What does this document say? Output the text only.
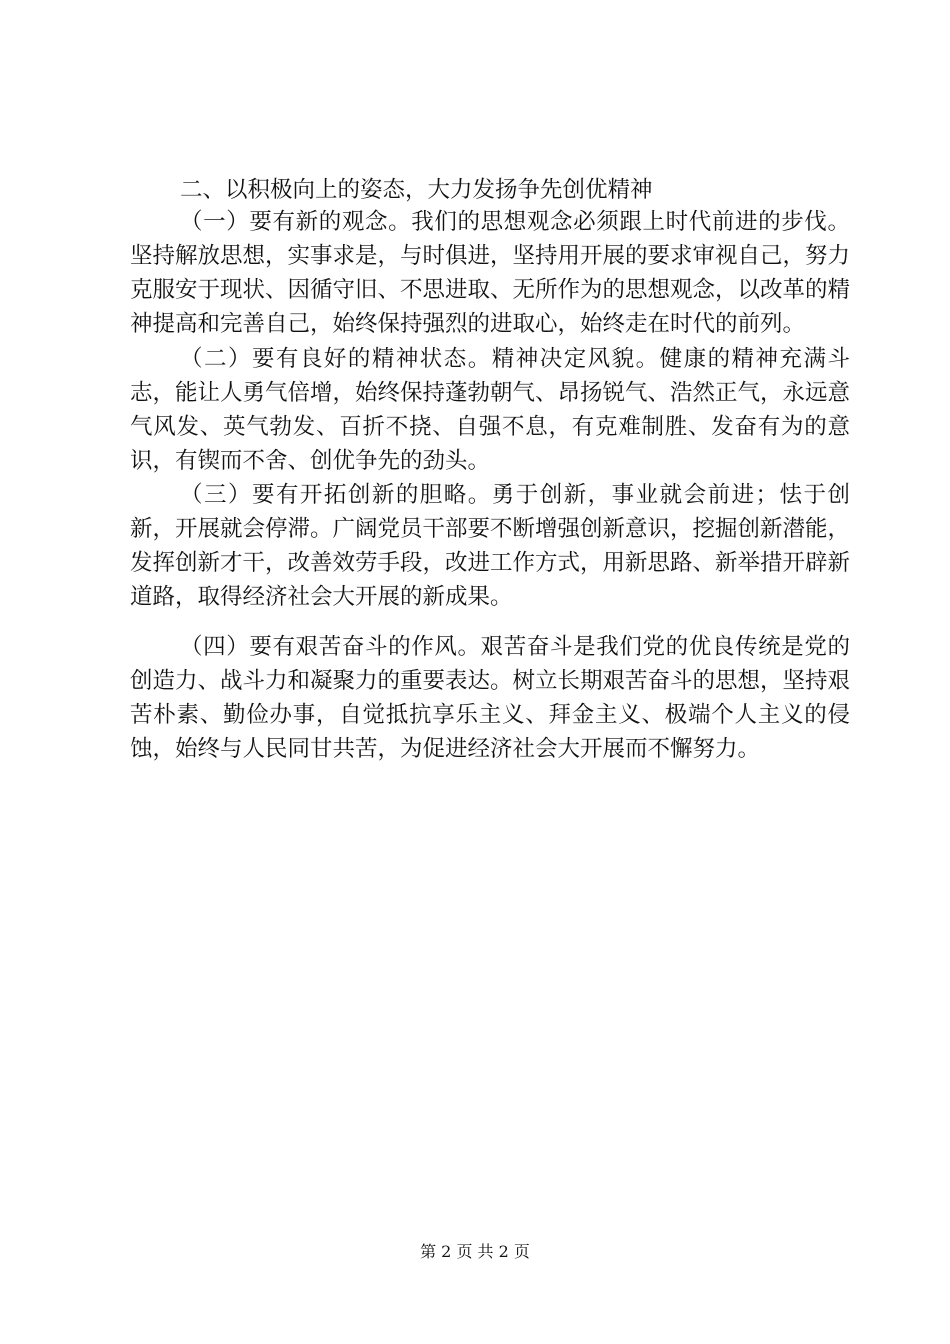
二、以积极向上的姿态，大力发扬争先创优精神

（一）要有新的观念。我们的思想观念必须跟上时代前进的步伐。坚持解放思想，实事求是，与时俱进，坚持用开展的要求审视自己，努力克服安于现状、因循守旧、不思进取、无所作为的思想观念，以改革的精神提高和完善自己，始终保持强烈的进取心，始终走在时代的前列。

（二）要有良好的精神状态。精神决定风貌。健康的精神充满斗志，能让人勇气倍增，始终保持蓬勃朝气、昂扬锐气、浩然正气，永远意气风发、英气勃发、百折不挠、自强不息，有克难制胜、发奋有为的意识，有锲而不舍、创优争先的劲头。

（三）要有开拓创新的胆略。勇于创新，事业就会前进；怯于创新，开展就会停滞。广阔党员干部要不断增强创新意识，挖掘创新潜能，发挥创新才干，改善效劳手段，改进工作方式，用新思路、新举措开辟新道路，取得经济社会大开展的新成果。

（四）要有艰苦奋斗的作风。艰苦奋斗是我们党的优良传统是党的创造力、战斗力和凝聚力的重要表达。树立长期艰苦奋斗的思想，坚持艰苦朴素、勤俭办事，自觉抵抗享乐主义、拜金主义、极端个人主义的侵蚀，始终与人民同甘共苦，为促进经济社会大开展而不懈努力。

第 2 页 共 2 页
